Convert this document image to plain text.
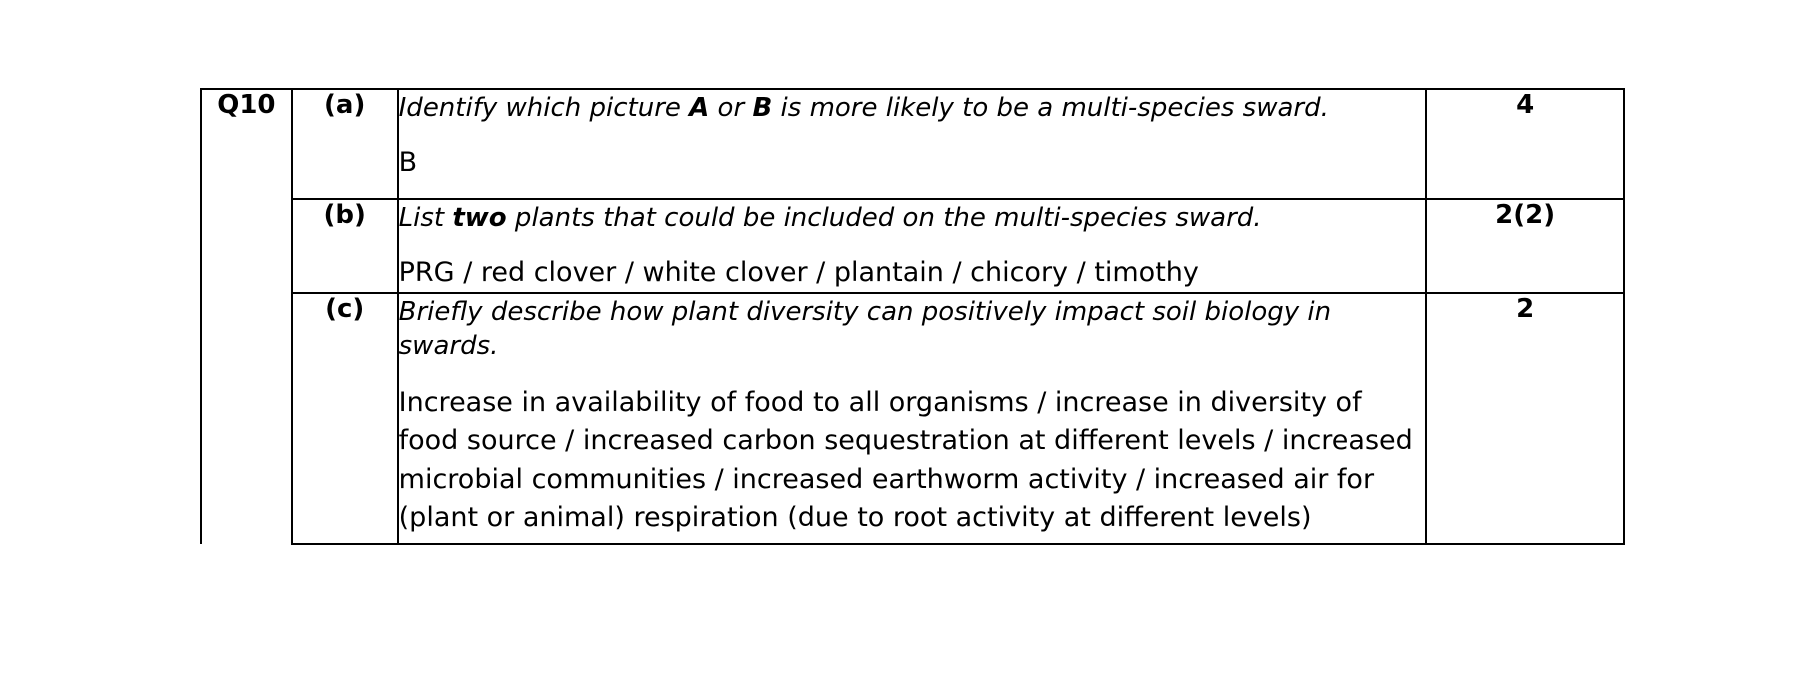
Q10	(a)	Identify which picture A or B is more likely to be a multi-species sward.

B	4
	(b)	List two plants that could be included on the multi-species sward.

PRG / red clover / white clover / plantain / chicory / timothy	2(2)
	(c)	Briefly describe how plant diversity can positively impact soil biology in swards.

Increase in availability of food to all organisms / increase in diversity of food source / increased carbon sequestration at different levels / increased microbial communities / increased earthworm activity / increased air for (plant or animal) respiration (due to root activity at different levels)	2
